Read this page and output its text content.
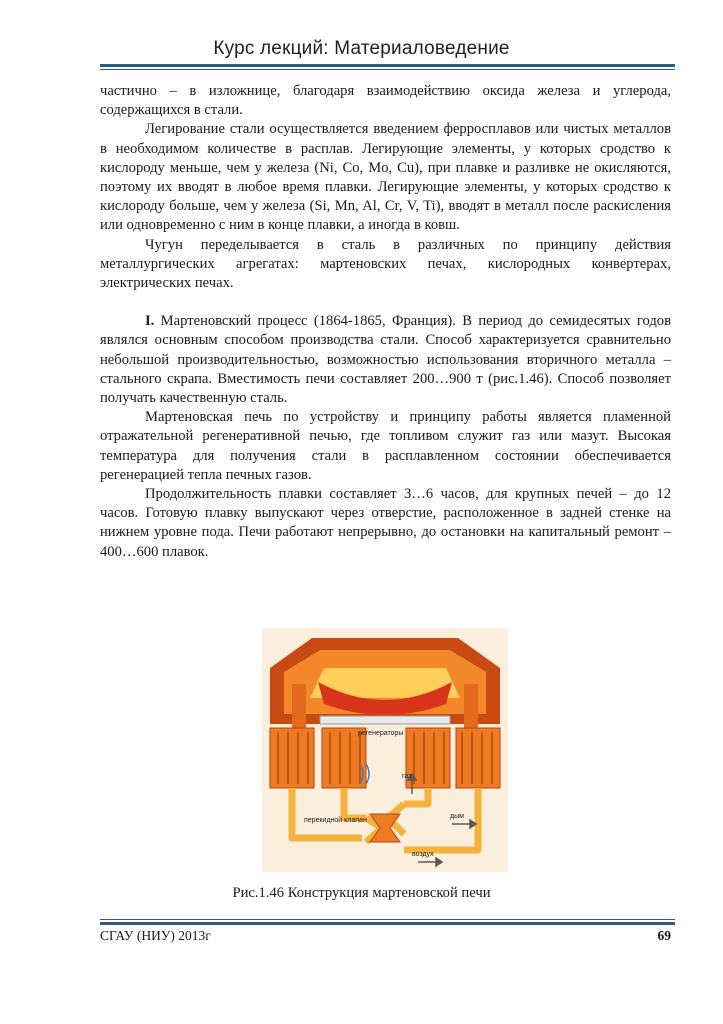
Курс лекций: Материаловедение

частично – в изложнице, благодаря взаимодействию оксида железа и углерода, содержащихся в стали.

Легирование стали осуществляется введением ферросплавов или чистых металлов в необходимом количестве в расплав. Легирующие элементы, у которых сродство к кислороду меньше, чем у железа (Ni, Co, Mo, Cu), при плавке и разливке не окисляются, поэтому их вводят в любое время плавки. Легирующие элементы, у которых сродство к кислороду больше, чем у железа (Si, Mn, Al, Cr, V, Ti), вводят в металл после раскисления или одновременно с ним в конце плавки, а иногда в ковш.

Чугун переделывается в сталь в различных по принципу действия металлургических агрегатах: мартеновских печах, кислородных конвертерах, электрических печах.

I. Мартеновский процесс (1864-1865, Франция). В период до семидесятых годов являлся основным способом производства стали. Способ характеризуется сравнительно небольшой производительностью, возможностью использования вторичного металла – стального скрапа. Вместимость печи составляет 200…900 т (рис.1.46). Способ позволяет получать качественную сталь.

Мартеновская печь по устройству и принципу работы является пламенной отражательной регенеративной печью, где топливом служит газ или мазут. Высокая температура для получения стали в расплавленном состоянии обеспечивается регенерацией тепла печных газов.

Продолжительность плавки составляет 3…6 часов, для крупных печей – до 12 часов. Готовую плавку выпускают через отверстие, расположенное в задней стенке на нижнем уровне пода. Печи работают непрерывно, до остановки на капитальный ремонт – 400…600 плавок.

регенераторы
газ
перекидной клапан
дым
воздух
Рис.1.46 Конструкция мартеновской печи
СГАУ (НИУ) 2013г	69
